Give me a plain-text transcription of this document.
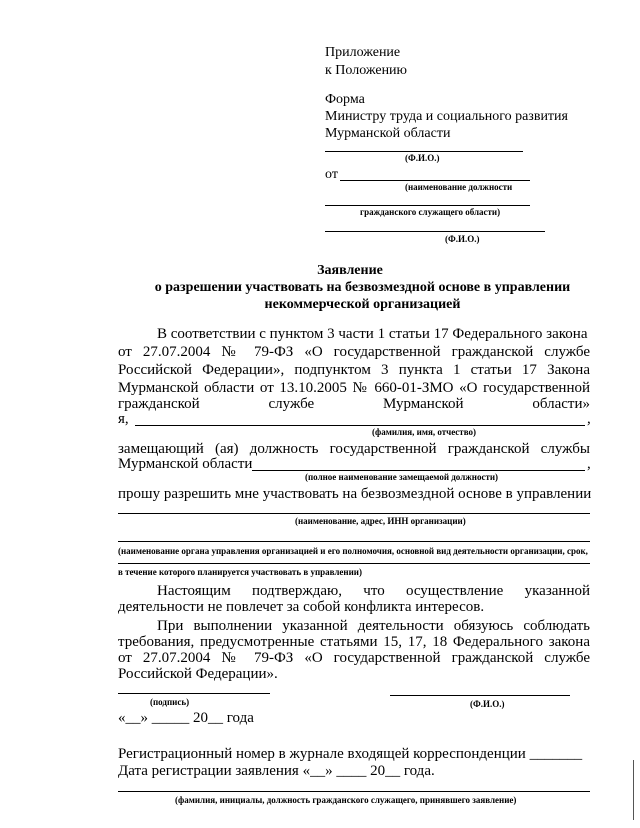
Приложение
к Положению
Форма
Министру труда и социального развития
Мурманской области
(Ф.И.О.)
от
(наименование должности
гражданского служащего области)
(Ф.И.О.)
Заявление
о разрешении участвовать на безвозмездной основе в управлении
некоммерческой организацией
В соответствии с пунктом 3 части 1 статьи 17 Федерального закона
от 27.07.2004 № 79-ФЗ «О государственной гражданской службе
Российской Федерации», подпунктом 3 пункта 1 статьи 17 Закона
Мурманской области от 13.10.2005 № 660-01-ЗМО «О государственной
гражданской службе Мурманской области»
я,	,
(фамилия, имя, отчество)
замещающий (ая) должность государственной гражданской службы
Мурманской области	,
(полное наименование замещаемой должности)
прошу разрешить мне участвовать на безвозмездной основе в управлении
(наименование, адрес, ИНН организации)
(наименование органа управления организацией и его полномочия, основной вид деятельности организации, срок,
в течение которого планируется участвовать в управлении)
Настоящим подтверждаю, что осуществление указанной
деятельности не повлечет за собой конфликта интересов.
При выполнении указанной деятельности обязуюсь соблюдать
требования, предусмотренные статьями 15, 17, 18 Федерального закона
от 27.07.2004 № 79-ФЗ «О государственной гражданской службе
Российской Федерации».
(подпись)	(Ф.И.О.)
«__» _____ 20__ года
Регистрационный номер в журнале входящей корреспонденции _______
Дата регистрации заявления «__» ____ 20__ года.
(фамилия, инициалы, должность гражданского служащего, принявшего заявление)
